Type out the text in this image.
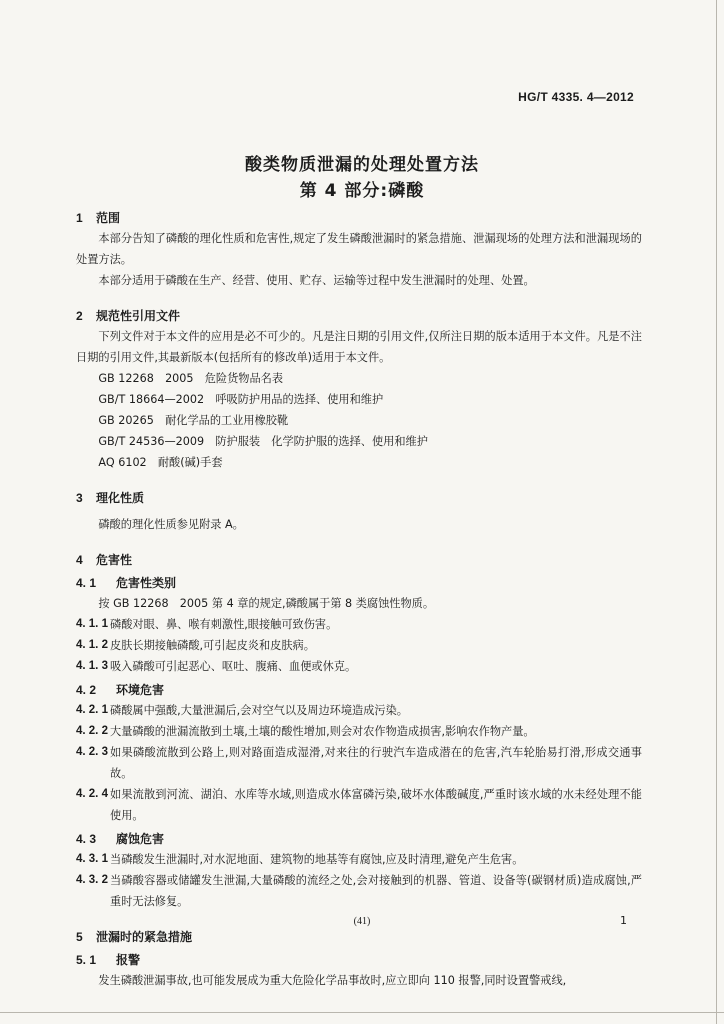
HG/T 4335. 4—2012
酸类物质泄漏的处理处置方法
第 4 部分:磷酸
1	范围

本部分告知了磷酸的理化性质和危害性,规定了发生磷酸泄漏时的紧急措施、泄漏现场的处理方法和泄漏现场的处置方法。

本部分适用于磷酸在生产、经营、使用、贮存、运输等过程中发生泄漏时的处理、处置。

2	规范性引用文件

下列文件对于本文件的应用是必不可少的。凡是注日期的引用文件,仅所注日期的版本适用于本文件。凡是不注日期的引用文件,其最新版本(包括所有的修改单)适用于本文件。

GB 12268　2005　危险货物品名表
GB/T 18664—2002　呼吸防护用品的选择、使用和维护
GB 20265　耐化学品的工业用橡胶靴
GB/T 24536—2009　防护服装　化学防护服的选择、使用和维护
AQ 6102　耐酸(碱)手套
3	理化性质

磷酸的理化性质参见附录 A。

4	危害性
4. 1	危害性类别

按 GB 12268　2005 第 4 章的规定,磷酸属于第 8 类腐蚀性物质。

4. 1. 1 磷酸对眼、鼻、喉有刺激性,眼接触可致伤害。
4. 1. 2 皮肤长期接触磷酸,可引起皮炎和皮肤病。
4. 1. 3 吸入磷酸可引起恶心、呕吐、腹痛、血便或休克。
4. 2	环境危害
4. 2. 1 磷酸属中强酸,大量泄漏后,会对空气以及周边环境造成污染。
4. 2. 2 大量磷酸的泄漏流散到土壤,土壤的酸性增加,则会对农作物造成损害,影响农作物产量。
4. 2. 3 如果磷酸流散到公路上,则对路面造成湿滑,对来往的行驶汽车造成潜在的危害,汽车轮胎易打滑,形成交通事故。
4. 2. 4 如果流散到河流、湖泊、水库等水域,则造成水体富磷污染,破坏水体酸碱度,严重时该水域的水未经处理不能使用。
4. 3	腐蚀危害
4. 3. 1 当磷酸发生泄漏时,对水泥地面、建筑物的地基等有腐蚀,应及时清理,避免产生危害。
4. 3. 2 当磷酸容器或储罐发生泄漏,大量磷酸的流经之处,会对接触到的机器、管道、设备等(碳钢材质)造成腐蚀,严重时无法修复。
5	泄漏时的紧急措施
5. 1	报警

发生磷酸泄漏事故,也可能发展成为重大危险化学品事故时,应立即向 110 报警,同时设置警戒线,

(41)	1
